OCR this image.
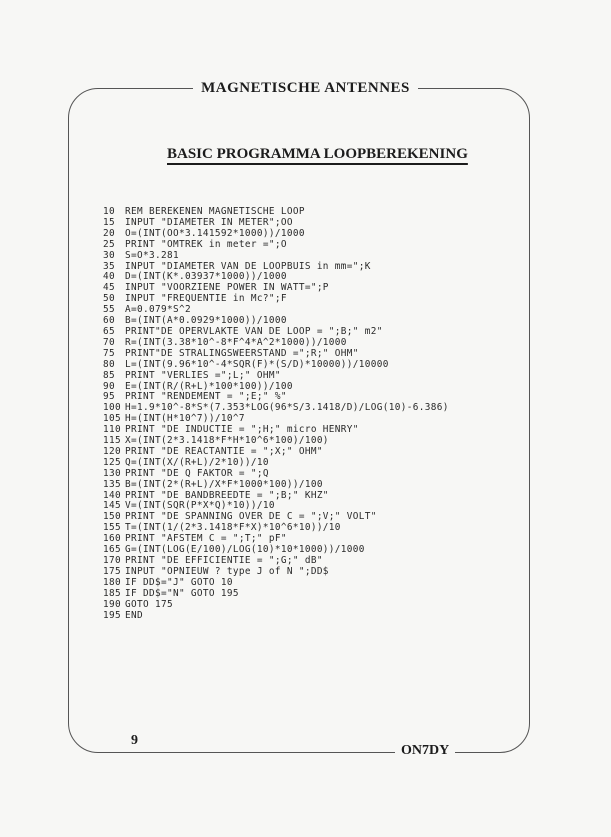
MAGNETISCHE ANTENNES
BASIC PROGRAMMA LOOPBEREKENING
10 REM BEREKENEN MAGNETISCHE LOOP
15 INPUT "DIAMETER IN METER";OO
20 O=(INT(OO*3.141592*1000))/1000
25 PRINT "OMTREK in meter =";O
30 S=O*3.281
35 INPUT "DIAMETER VAN DE LOOPBUIS in mm=";K
40 D=(INT(K*.03937*1000))/1000
45 INPUT "VOORZIENE POWER IN WATT=";P
50 INPUT "FREQUENTIE in Mc?";F
55 A=0.079*S^2
60 B=(INT(A*0.0929*1000))/1000
65 PRINT"DE OPERVLAKTE VAN DE LOOP = ";B;" m2"
70 R=(INT(3.38*10^-8*F^4*A^2*1000))/1000
75 PRINT"DE STRALINGSWEERSTAND =";R;" OHM"
80 L=(INT(9.96*10^-4*SQR(F)*(S/D)*10000))/10000
85 PRINT "VERLIES =";L;" OHM"
90 E=(INT(R/(R+L)*100*100))/100
95 PRINT "RENDEMENT = ";E;" %"
100 H=1.9*10^-8*S*(7.353*LOG(96*S/3.1418/D)/LOG(10)-6.386)
105 H=(INT(H*10^7))/10^7
110 PRINT "DE INDUCTIE = ";H;" micro HENRY"
115 X=(INT(2*3.1418*F*H*10^6*100)/100)
120 PRINT "DE REACTANTIE = ";X;" OHM"
125 Q=(INT(X/(R+L)/2*10))/10
130 PRINT "DE Q FAKTOR = ";Q
135 B=(INT(2*(R+L)/X*F*1000*100))/100
140 PRINT "DE BANDBREEDTE = ";B;" KHZ"
145 V=(INT(SQR(P*X*Q)*10))/10
150 PRINT "DE SPANNING OVER DE C = ";V;" VOLT"
155 T=(INT(1/(2*3.1418*F*X)*10^6*10))/10
160 PRINT "AFSTEM C = ";T;" pF"
165 G=(INT(LOG(E/100)/LOG(10)*10*1000))/1000
170 PRINT "DE EFFICIENTIE = ";G;" dB"
175 INPUT "OPNIEUW ? type J of N ";DD$
180 IF DD$="J" GOTO 10
185 IF DD$="N" GOTO 195
190 GOTO 175
195 END
9
ON7DY
